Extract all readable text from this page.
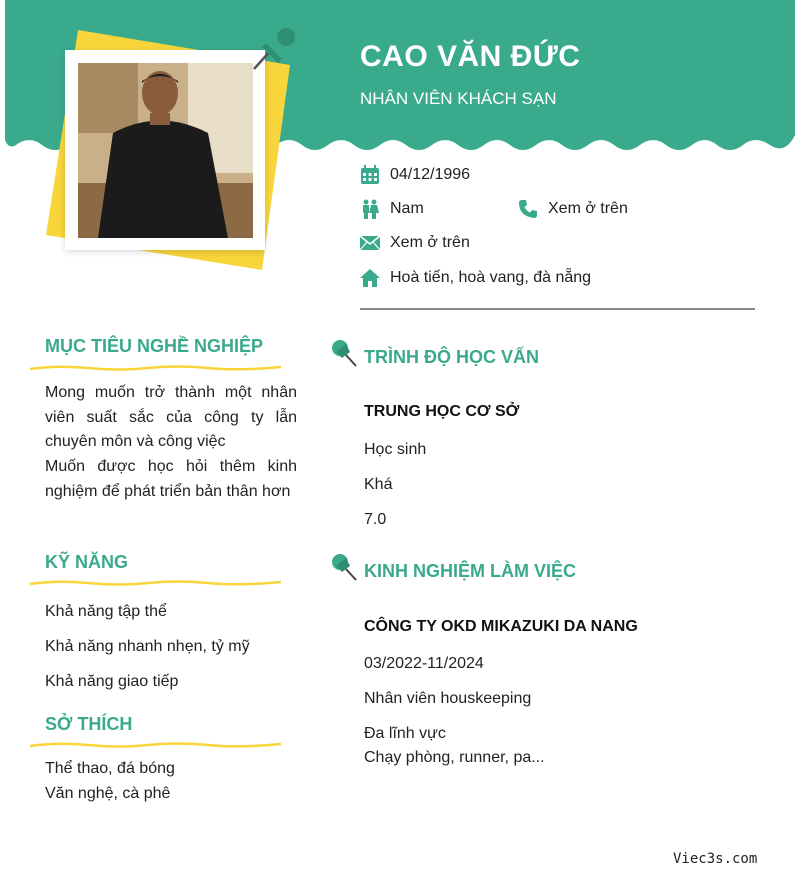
CAO VĂN ĐỨC
NHÂN VIÊN KHÁCH SẠN
04/12/1996
Nam	Xem ở trên
Xem ở trên
Hoà tiến, hoà vang, đà nẵng
MỤC TIÊU NGHỀ NGHIỆP
Mong muốn trở thành một nhân viên suất sắc của công ty lẫn chuyên môn và công việc
Muốn được học hỏi thêm kinh nghiệm để phát triển bản thân hơn
KỸ NĂNG
Khả năng tập thể
Khả năng nhanh nhẹn, tỷ mỹ
Khả năng giao tiếp
SỞ THÍCH
Thể thao, đá bóng
Văn nghệ, cà phê
TRÌNH ĐỘ HỌC VẤN
TRUNG HỌC CƠ SỞ
Học sinh
Khá
7.0
KINH NGHIỆM LÀM VIỆC
CÔNG TY OKD MIKAZUKI DA NANG
03/2022-11/2024
Nhân viên houskeeping
Đa lĩnh vực
Chạy phòng, runner, pa...
Viec3s.com
